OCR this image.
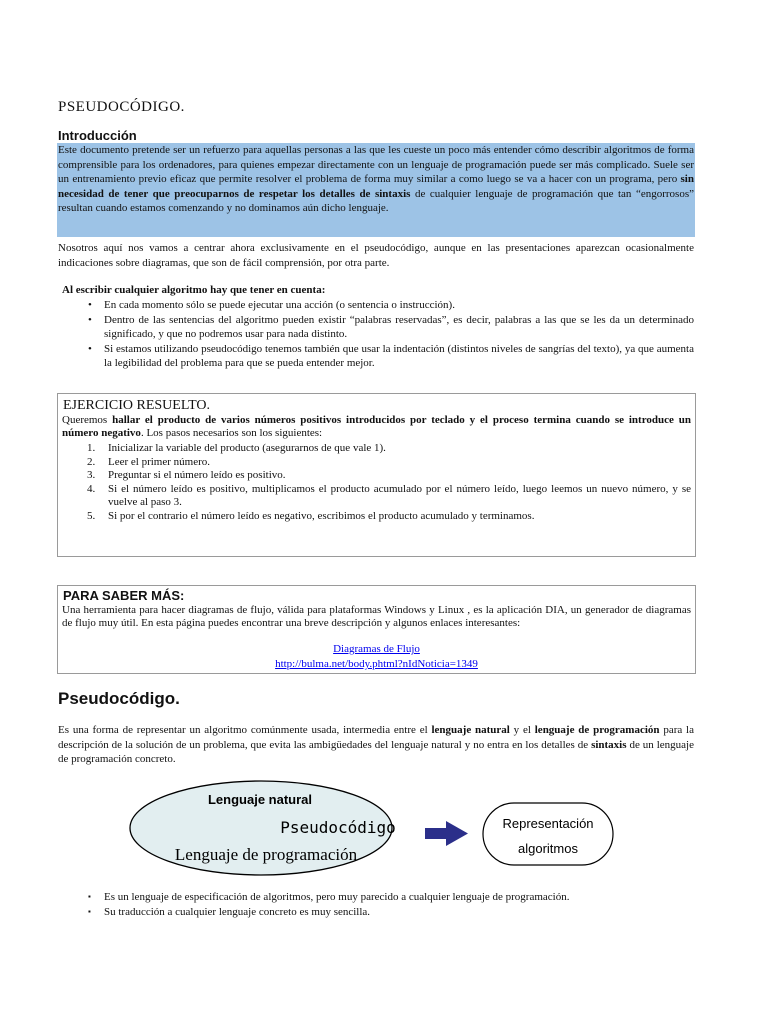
PSEUDOCÓDIGO.
Introducción
Este documento pretende ser un refuerzo para aquellas personas a las que les cueste un poco más entender cómo describir algoritmos de forma comprensible para los ordenadores, para quienes empezar directamente con un lenguaje de programación puede ser más complicado. Suele ser un entrenamiento previo eficaz que permite resolver el problema de forma muy similar a como luego se va a hacer con un programa, pero sin necesidad de tener que preocuparnos de respetar los detalles de sintaxis de cualquier lenguaje de programación que tan “engorrosos” resultan cuando estamos comenzando y no dominamos aún dicho lenguaje.
Nosotros aquí nos vamos a centrar ahora exclusivamente en el pseudocódigo, aunque en las presentaciones aparezcan ocasionalmente indicaciones sobre diagramas, que son de fácil comprensión, por otra parte.
Al escribir cualquier algoritmo hay que tener en cuenta:
• En cada momento sólo se puede ejecutar una acción (o sentencia o instrucción).
• Dentro de las sentencias del algoritmo pueden existir “palabras reservadas”, es decir, palabras a las que se les da un determinado significado, y que no podremos usar para nada distinto.
• Si estamos utilizando pseudocódigo tenemos también que usar la indentación (distintos niveles de sangrías del texto), ya que aumenta la legibilidad del problema para que se pueda entender mejor.
EJERCICIO RESUELTO.
Queremos hallar el producto de varios números positivos introducidos por teclado y el proceso termina cuando se introduce un número negativo. Los pasos necesarios son los siguientes:
1. Inicializar la variable del producto (asegurarnos de que vale 1).
2. Leer el primer número.
3. Preguntar si el número leído es positivo.
4. Si el número leído es positivo, multiplicamos el producto acumulado por el número leído, luego leemos un nuevo número, y se vuelve al paso 3.
5. Si por el contrario el número leído es negativo, escribimos el producto acumulado y terminamos.
PARA SABER MÁS:
Una herramienta para hacer diagramas de flujo, válida para plataformas Windows y Linux , es la aplicación DIA, un generador de diagramas de flujo muy útil. En esta página puedes encontrar una breve descripción y algunos enlaces interesantes:
Diagramas de Flujo
http://bulma.net/body.phtml?nIdNoticia=1349
Pseudocódigo.
Es una forma de representar un algoritmo comúnmente usada, intermedia entre el lenguaje natural y el lenguaje de programación para la descripción de la solución de un problema, que evita las ambigüedades del lenguaje natural y no entra en los detalles de sintaxis de un lenguaje de programación concreto.
Lenguaje natural
Pseudocódigo
Lenguaje de programación
Representación
algoritmos
▪ Es un lenguaje de especificación de algoritmos, pero muy parecido a cualquier lenguaje de programación.
▪ Su traducción a cualquier lenguaje concreto es muy sencilla.
